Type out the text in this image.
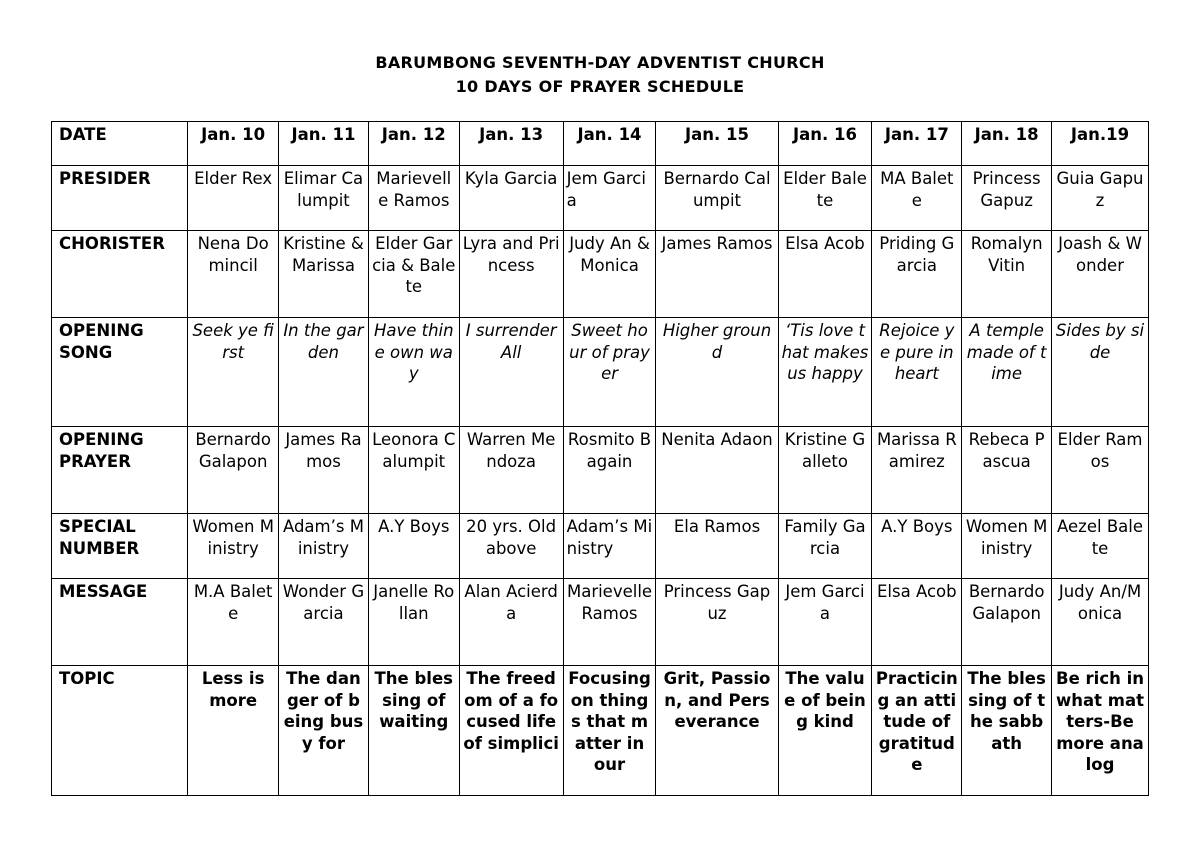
BARUMBONG SEVENTH-DAY ADVENTIST CHURCH
10 DAYS OF PRAYER SCHEDULE
DATE	Jan. 10	Jan. 11	Jan. 12	Jan. 13	Jan. 14	Jan. 15	Jan. 16	Jan. 17	Jan. 18	Jan.19
PRESIDER	Elder Rex	Elimar Calumpit	Marievelle Ramos	Kyla Garcia	Jem Garcia	Bernardo Calumpit	Elder Balete	MA Balete	Princess Gapuz	Guia Gapuz
CHORISTER	Nena Domincil	Kristine & Marissa	Elder Garcia & Balete	Lyra and Princess	Judy An & Monica	James Ramos	Elsa Acob	Priding Garcia	Romalyn Vitin	Joash & Wonder
OPENING SONG	Seek ye first	In the garden	Have thine own way	I surrender All	Sweet hour of prayer	Higher ground	‘Tis love that makes us happy	Rejoice ye pure in heart	A temple made of time	Sides by side
OPENING PRAYER	Bernardo Galapon	James Ramos	Leonora Calumpit	Warren Mendoza	Rosmito Bagain	Nenita Adaon	Kristine Galleto	Marissa Ramirez	Rebeca Pascua	Elder Ramos
SPECIAL NUMBER	Women Ministry	Adam’s Ministry	A.Y Boys	20 yrs. Old above	Adam’s Ministry	Ela Ramos	Family Garcia	A.Y Boys	Women Ministry	Aezel Balete
MESSAGE	M.A Balete	Wonder Garcia	Janelle Rollan	Alan Acierda	Marievelle Ramos	Princess Gapuz	Jem Garcia	Elsa Acob	Bernardo Galapon	Judy An/Monica
TOPIC	Less is more	The danger of being busy for	The blessing of waiting	The freedom of a focused life of simplici	Focusing on things that matter in our	Grit, Passion, and Perseverance	The value of being kind	Practicing an attitude of gratitude	The blessing of the sabbath	Be rich in what matters-Be more analog
